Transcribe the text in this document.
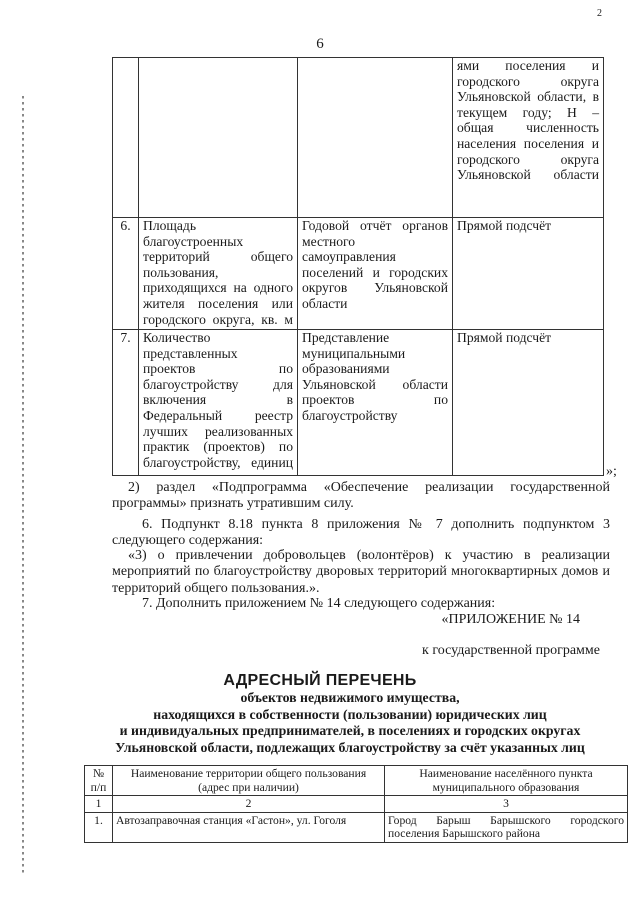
2
6
			ями поселения и городского округа Ульяновской области, в текущем году; Н – общая численность населения поселения и городского округа Ульяновской области
6.	Площадь благоустроенных территорий общего пользования, приходящихся на одного жителя поселения или городского округа, кв. м	Годовой отчёт органов местного самоуправления поселений и городских округов Ульяновской области	Прямой подсчёт
7.	Количество представленных проектов по благоустройству для включения в Федеральный реестр лучших реализованных практик (проектов) по благоустройству, единиц	Представление муниципальными образованиями Ульяновской области проектов по благоустройству	Прямой подсчёт
»;
2) раздел «Подпрограмма «Обеспечение реализации государственной программы» признать утратившим силу.
6. Подпункт 8.18 пункта 8 приложения № 7 дополнить подпунктом 3 следующего содержания:
«3) о привлечении добровольцев (волонтёров) к участию в реализации мероприятий по благоустройству дворовых территорий многоквартирных домов и территорий общего пользования.».
7. Дополнить приложением № 14 следующего содержания:
«ПРИЛОЖЕНИЕ № 14
к государственной программе
АДРЕСНЫЙ ПЕРЕЧЕНЬ
объектов недвижимого имущества,
находящихся в собственности (пользовании) юридических лиц
и индивидуальных предпринимателей, в поселениях и городских округах
Ульяновской области, подлежащих благоустройству за счёт указанных лиц
№ п/п	Наименование территории общего пользования (адрес при наличии)	Наименование населённого пункта муниципального образования
1	2	3
1.	Автозаправочная станция «Гастон», ул. Гоголя	Город Барыш Барышского городского поселения Барышского района
